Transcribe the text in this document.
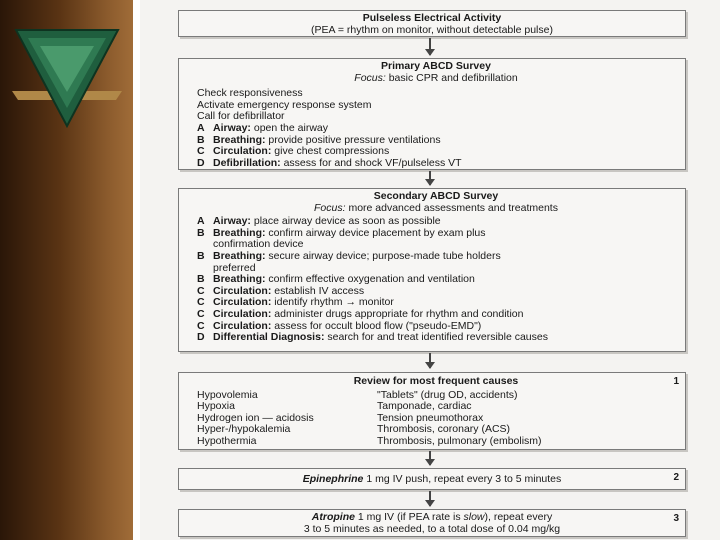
Pulseless Electrical Activity
(PEA = rhythm on monitor, without detectable pulse)
Primary ABCD Survey
Focus: basic CPR and defibrillation
Check responsiveness
Activate emergency response system
Call for defibrillator
A Airway: open the airway
B Breathing: provide positive pressure ventilations
C Circulation: give chest compressions
D Defibrillation: assess for and shock VF/pulseless VT
Secondary ABCD Survey
Focus: more advanced assessments and treatments
A Airway: place airway device as soon as possible
B Breathing: confirm airway device placement by exam plus confirmation device
B Breathing: secure airway device; purpose-made tube holders preferred
B Breathing: confirm effective oxygenation and ventilation
C Circulation: establish IV access
C Circulation: identify rhythm → monitor
C Circulation: administer drugs appropriate for rhythm and condition
C Circulation: assess for occult blood flow ("pseudo-EMD")
D Differential Diagnosis: search for and treat identified reversible causes
1
Review for most frequent causes
Hypovolemia
Hypoxia
Hydrogen ion — acidosis
Hyper-/hypokalemia
Hypothermia
"Tablets" (drug OD, accidents)
Tamponade, cardiac
Tension pneumothorax
Thrombosis, coronary (ACS)
Thrombosis, pulmonary (embolism)
2
Epinephrine 1 mg IV push, repeat every 3 to 5 minutes
3
Atropine 1 mg IV (if PEA rate is slow), repeat every
3 to 5 minutes as needed, to a total dose of 0.04 mg/kg
